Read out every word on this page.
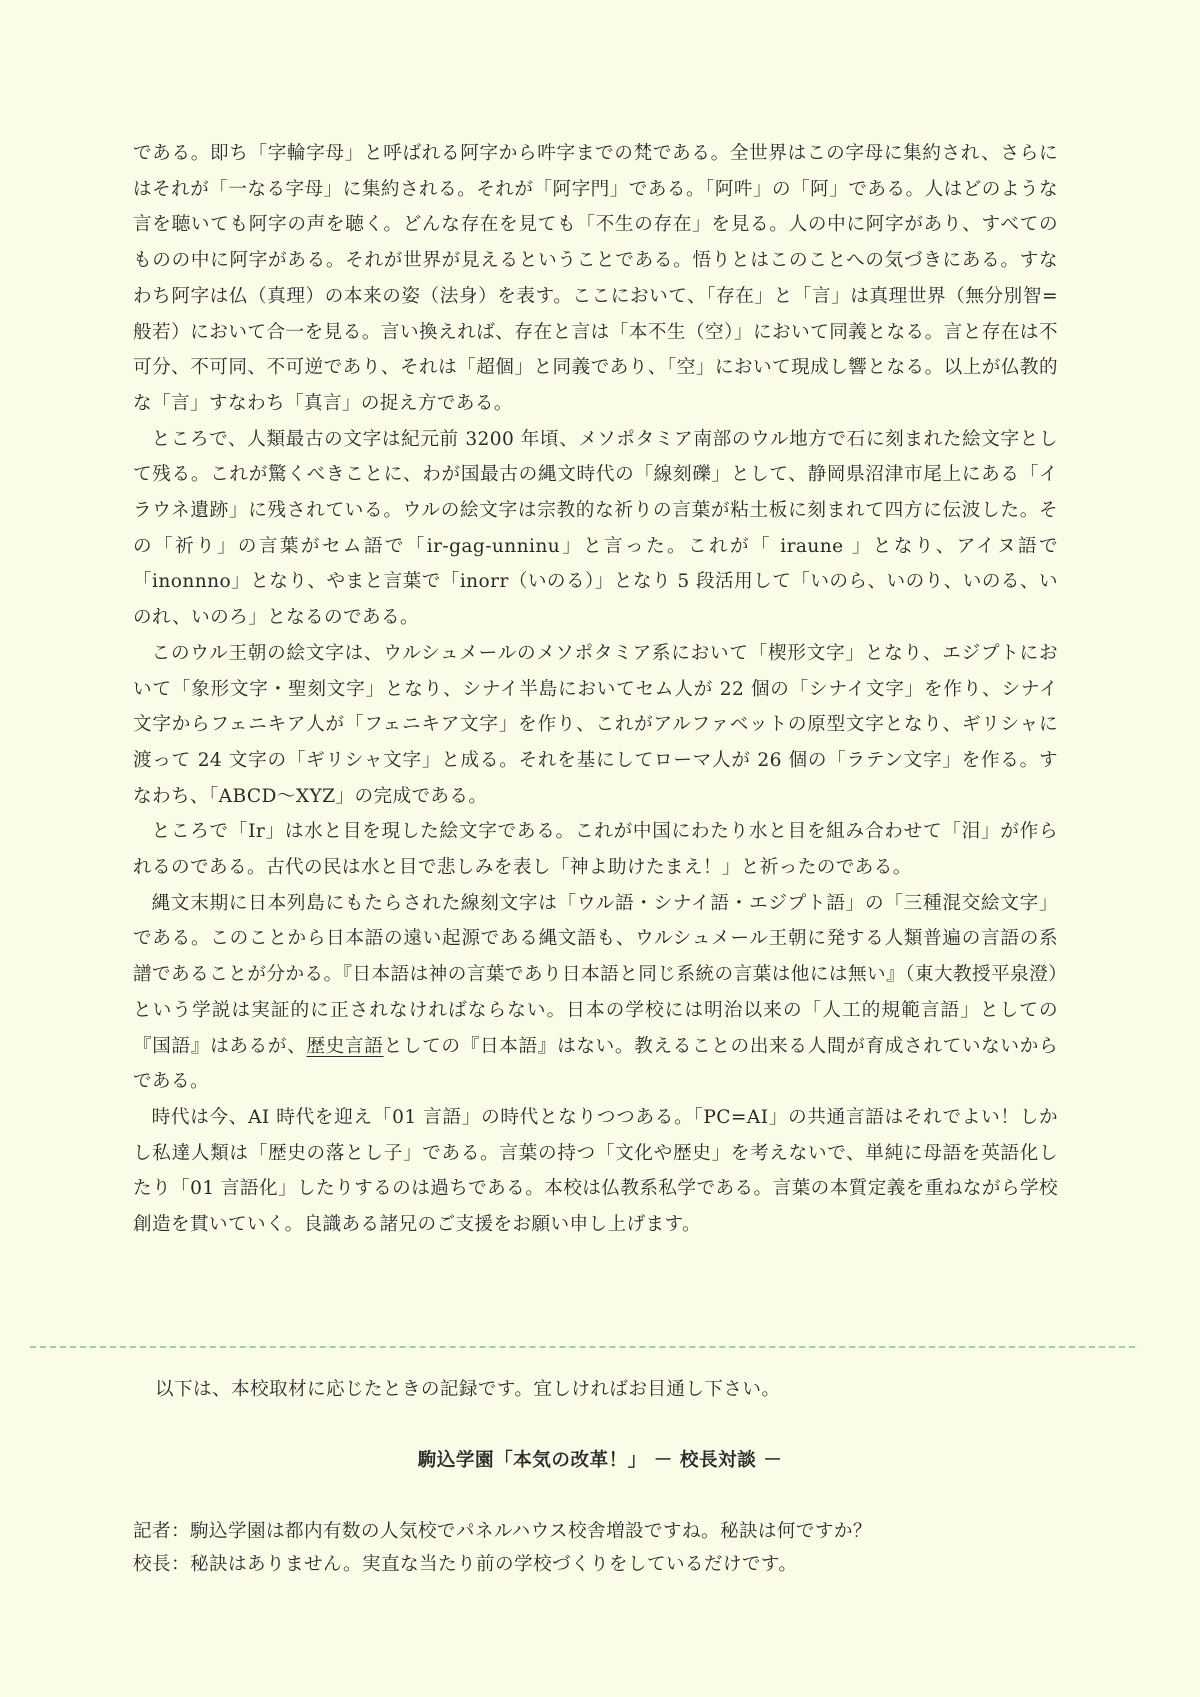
である。即ち「字輪字母」と呼ばれる阿字から吽字までの梵である。全世界はこの字母に集約され、さらにはそれが「一なる字母」に集約される。それが「阿字門」である。「阿吽」の「阿」である。人はどのような言を聴いても阿字の声を聴く。どんな存在を見ても「不生の存在」を見る。人の中に阿字があり、すべてのものの中に阿字がある。それが世界が見えるということである。悟りとはこのことへの気づきにある。すなわち阿字は仏（真理）の本来の姿（法身）を表す。ここにおいて、「存在」と「言」は真理世界（無分別智=般若）において合一を見る。言い換えれば、存在と言は「本不生（空）」において同義となる。言と存在は不可分、不可同、不可逆であり、それは「超個」と同義であり、「空」において現成し響となる。以上が仏教的な「言」すなわち「真言」の捉え方である。

ところで、人類最古の文字は紀元前 3200 年頃、メソポタミア南部のウル地方で石に刻まれた絵文字として残る。これが驚くべきことに、わが国最古の縄文時代の「線刻礫」として、静岡県沼津市尾上にある「イラウネ遺跡」に残されている。ウルの絵文字は宗教的な祈りの言葉が粘土板に刻まれて四方に伝波した。その「祈り」の言葉がセム語で「ir-gag-unninu」と言った。これが「 iraune 」となり、アイヌ語で「inonnno」となり、やまと言葉で「inorr（いのる）」となり 5 段活用して「いのら、いのり、いのる、いのれ、いのろ」となるのである。

このウル王朝の絵文字は、ウルシュメールのメソポタミア系において「楔形文字」となり、エジプトにおいて「象形文字・聖刻文字」となり、シナイ半島においてセム人が 22 個の「シナイ文字」を作り、シナイ文字からフェニキア人が「フェニキア文字」を作り、これがアルファベットの原型文字となり、ギリシャに渡って 24 文字の「ギリシャ文字」と成る。それを基にしてローマ人が 26 個の「ラテン文字」を作る。すなわち、「ABCD～XYZ」の完成である。

ところで「Ir」は水と目を現した絵文字である。これが中国にわたり水と目を組み合わせて「泪」が作られるのである。古代の民は水と目で悲しみを表し「神よ助けたまえ！」と祈ったのである。

縄文末期に日本列島にもたらされた線刻文字は「ウル語・シナイ語・エジプト語」の「三種混交絵文字」である。このことから日本語の遠い起源である縄文語も、ウルシュメール王朝に発する人類普遍の言語の系譜であることが分かる。『日本語は神の言葉であり日本語と同じ系統の言葉は他には無い』（東大教授平泉澄）という学説は実証的に正されなければならない。日本の学校には明治以来の「人工的規範言語」としての『国語』はあるが、歴史言語としての『日本語』はない。教えることの出来る人間が育成されていないからである。

時代は今、AI 時代を迎え「01 言語」の時代となりつつある。「PC=AI」の共通言語はそれでよい！しかし私達人類は「歴史の落とし子」である。言葉の持つ「文化や歴史」を考えないで、単純に母語を英語化したり「01 言語化」したりするのは過ちである。本校は仏教系私学である。言葉の本質定義を重ねながら学校創造を貫いていく。良識ある諸兄のご支援をお願い申し上げます。

以下は、本校取材に応じたときの記録です。宜しければお目通し下さい。

駒込学園「本気の改革！」 － 校長対談 －

記者：駒込学園は都内有数の人気校でパネルハウス校舎増設ですね。秘訣は何ですか？

校長：秘訣はありません。実直な当たり前の学校づくりをしているだけです。
